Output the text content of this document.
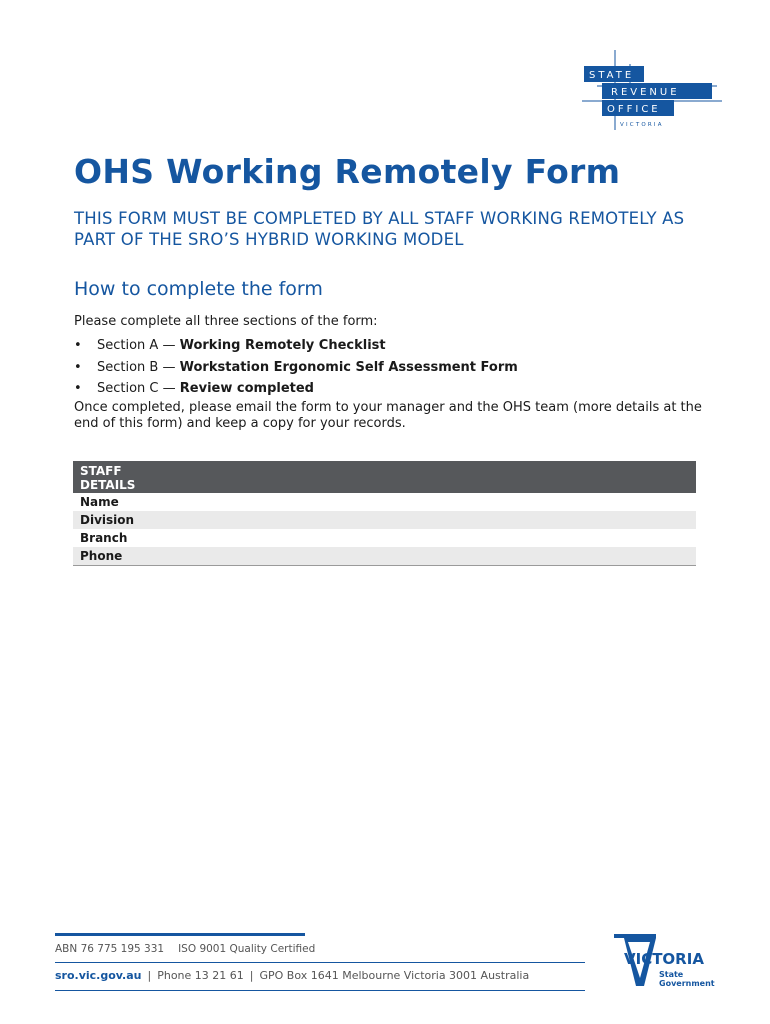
STATE
REVENUE
OFFICE
VICTORIA
OHS Working Remotely Form

THIS FORM MUST BE COMPLETED BY ALL STAFF WORKING REMOTELY AS PART OF THE SRO’S HYBRID WORKING MODEL

How to complete the form

Please complete all three sections of the form:

• Section A — Working Remotely Checklist
• Section B — Workstation Ergonomic Self Assessment Form
• Section C — Review completed

Once completed, please email the form to your manager and the OHS team (more details at the end of this form) and keep a copy for your records.

STAFF
DETAILS
Name
Division
Branch
Phone

ABN 76 775 195 331 ISO 9001 Quality Certified

sro.vic.gov.au | Phone 13 21 61 | GPO Box 1641 Melbourne Victoria 3001 Australia

VICTORIA
State
Government
